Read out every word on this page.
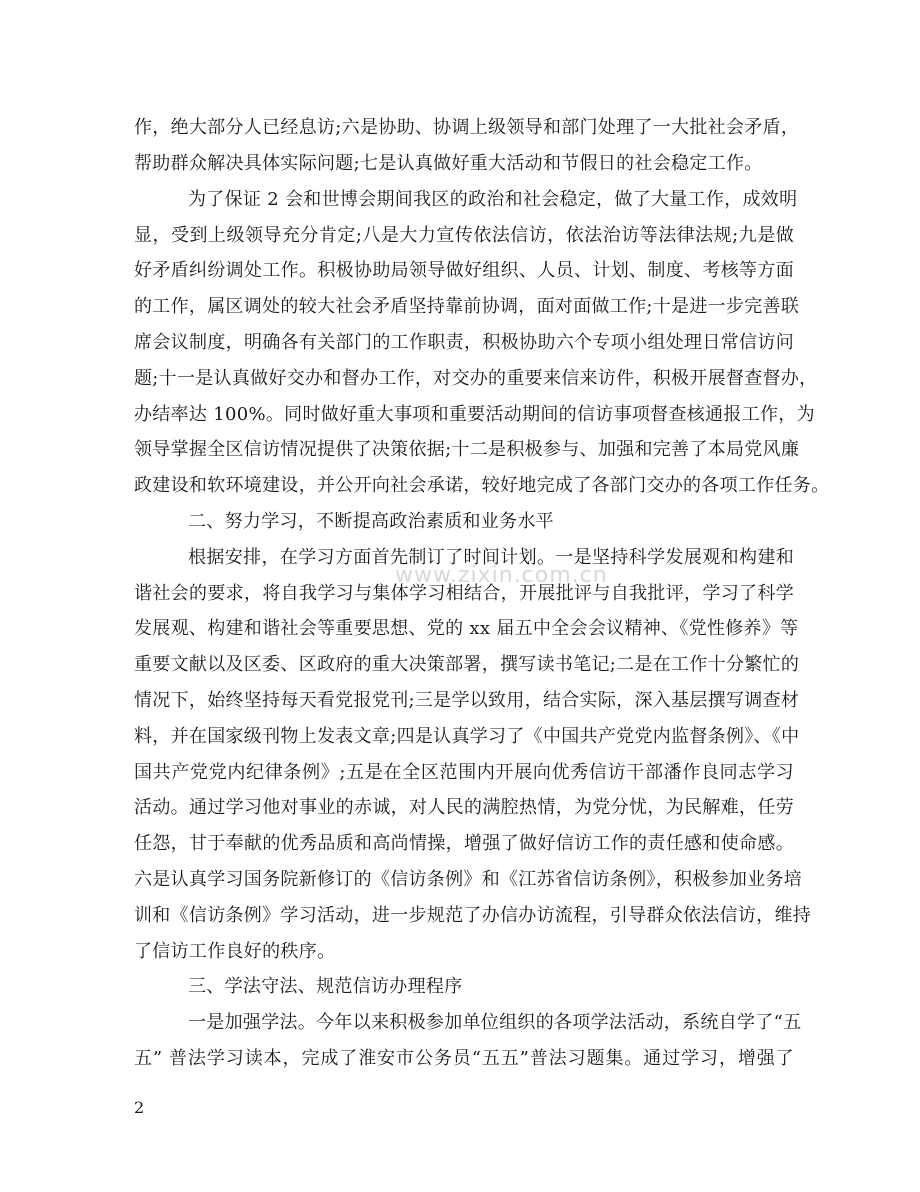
www.zixin.com.cn
作，绝大部分人已经息访;六是协助、协调上级领导和部门处理了一大批社会矛盾，
帮助群众解决具体实际问题;七是认真做好重大活动和节假日的社会稳定工作。
为了保证 2 会和世博会期间我区的政治和社会稳定，做了大量工作，成效明
显，受到上级领导充分肯定;八是大力宣传依法信访，依法治访等法律法规;九是做
好矛盾纠纷调处工作。积极协助局领导做好组织、人员、计划、制度、考核等方面
的工作，属区调处的较大社会矛盾坚持靠前协调，面对面做工作;十是进一步完善联
席会议制度，明确各有关部门的工作职责，积极协助六个专项小组处理日常信访问
题;十一是认真做好交办和督办工作，对交办的重要来信来访件，积极开展督查督办，
办结率达 100%。同时做好重大事项和重要活动期间的信访事项督查核通报工作，为
领导掌握全区信访情况提供了决策依据;十二是积极参与、加强和完善了本局党风廉
政建设和软环境建设，并公开向社会承诺，较好地完成了各部门交办的各项工作任务。
二、努力学习，不断提高政治素质和业务水平
根据安排，在学习方面首先制订了时间计划。一是坚持科学发展观和构建和
谐社会的要求，将自我学习与集体学习相结合，开展批评与自我批评，学习了科学
发展观、构建和谐社会等重要思想、党的 xx 届五中全会会议精神、《党性修养》等
重要文献以及区委、区政府的重大决策部署，撰写读书笔记;二是在工作十分繁忙的
情况下，始终坚持每天看党报党刊;三是学以致用，结合实际，深入基层撰写调查材
料，并在国家级刊物上发表文章;四是认真学习了《中国共产党党内监督条例》、《中
国共产党党内纪律条例》;五是在全区范围内开展向优秀信访干部潘作良同志学习
活动。通过学习他对事业的赤诚，对人民的满腔热情，为党分忧，为民解难，任劳
任怨，甘于奉献的优秀品质和高尚情操，增强了做好信访工作的责任感和使命感。
六是认真学习国务院新修订的《信访条例》和《江苏省信访条例》，积极参加业务培
训和《信访条例》学习活动，进一步规范了办信办访流程，引导群众依法信访，维持
了信访工作良好的秩序。
三、学法守法、规范信访办理程序
一是加强学法。今年以来积极参加单位组织的各项学法活动，系统自学了“五
五” 普法学习读本，完成了淮安市公务员“五五”普法习题集。通过学习，增强了
2
